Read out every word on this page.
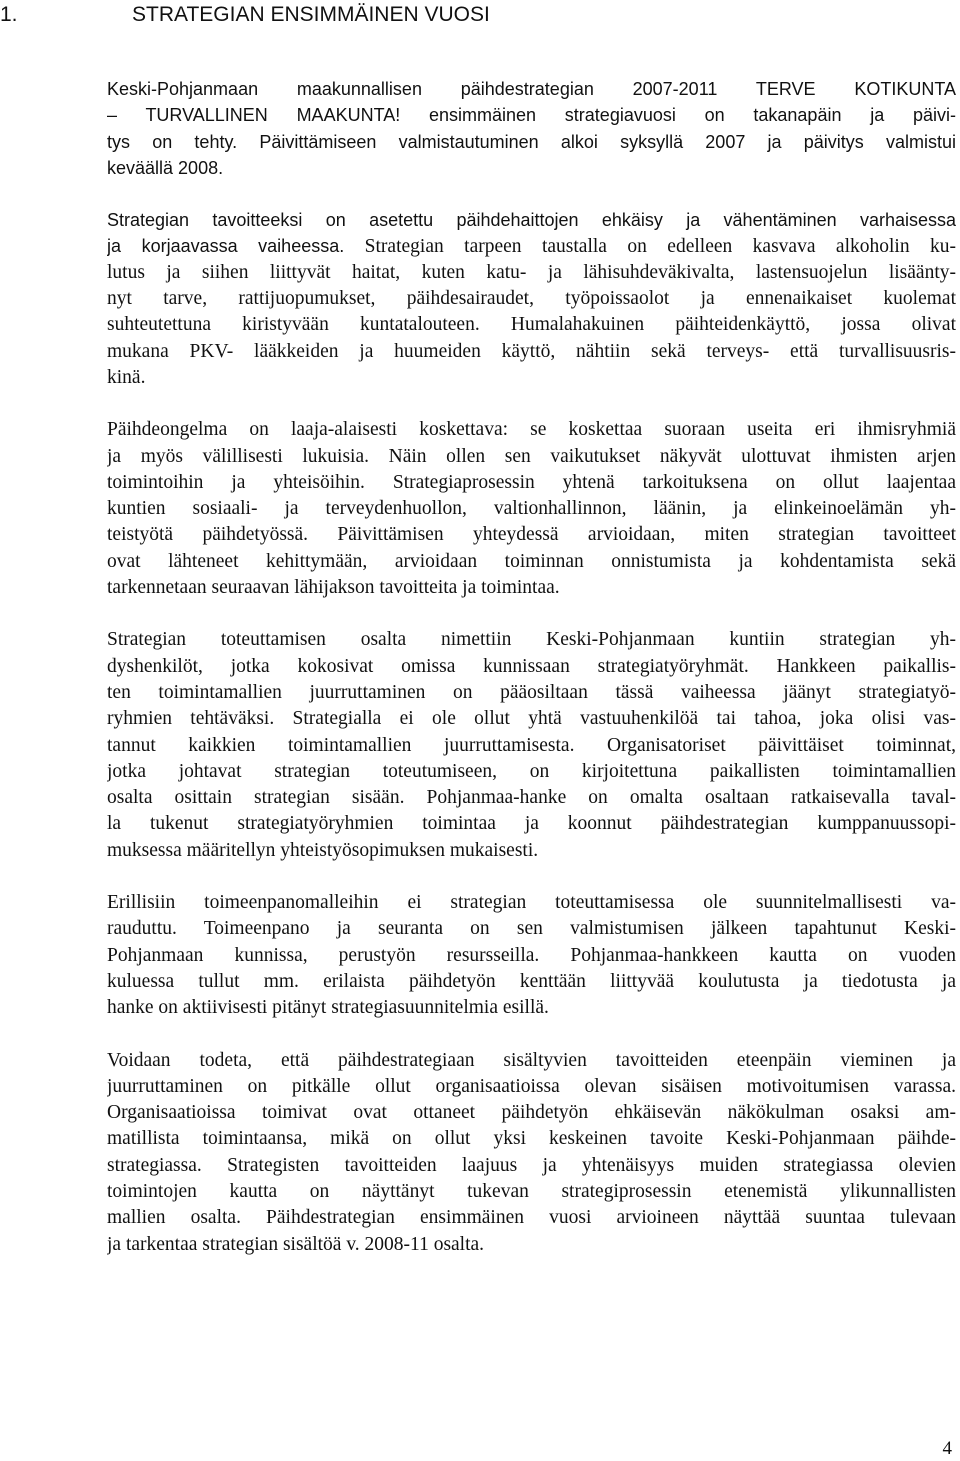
1.	STRATEGIAN ENSIMMÄINEN VUOSI
Keski-Pohjanmaan maakunnallisen päihdestrategian 2007-2011 TERVE KOTIKUNTA
– TURVALLINEN MAAKUNTA! ensimmäinen strategiavuosi on takanapäin ja päivi-
tys on tehty. Päivittämiseen valmistautuminen alkoi syksyllä 2007 ja päivitys valmistui
keväällä 2008.
Strategian tavoitteeksi on asetettu päihdehaittojen ehkäisy ja vähentäminen varhaisessa
ja korjaavassa vaiheessa. Strategian tarpeen taustalla on edelleen kasvava alkoholin ku-
lutus ja siihen liittyvät haitat, kuten katu- ja lähisuhdeväkivalta, lastensuojelun lisäänty-
nyt tarve, rattijuopumukset, päihdesairaudet, työpoissaolot ja ennenaikaiset kuolemat
suhteutettuna kiristyvään kuntatalouteen. Humalahakuinen päihteidenkäyttö, jossa olivat
mukana PKV- lääkkeiden ja huumeiden käyttö, nähtiin sekä terveys- että turvallisuusris-
kinä.
Päihdeongelma on laaja-alaisesti koskettava: se koskettaa suoraan useita eri ihmisryhmiä
ja myös välillisesti lukuisia. Näin ollen sen vaikutukset näkyvät ulottuvat ihmisten arjen
toimintoihin ja yhteisöihin. Strategiaprosessin yhtenä tarkoituksena on ollut laajentaa
kuntien sosiaali- ja terveydenhuollon, valtionhallinnon, läänin, ja elinkeinoelämän yh-
teistyötä päihdetyössä. Päivittämisen yhteydessä arvioidaan, miten strategian tavoitteet
ovat lähteneet kehittymään, arvioidaan toiminnan onnistumista ja kohdentamista sekä
tarkennetaan seuraavan lähijakson tavoitteita ja toimintaa.
Strategian toteuttamisen osalta nimettiin Keski-Pohjanmaan kuntiin strategian yh-
dyshenkilöt, jotka kokosivat omissa kunnissaan strategiatyöryhmät. Hankkeen paikallis-
ten toimintamallien juurruttaminen on pääosiltaan tässä vaiheessa jäänyt strategiatyö-
ryhmien tehtäväksi. Strategialla ei ole ollut yhtä vastuuhenkilöä tai tahoa, joka olisi vas-
tannut kaikkien toimintamallien juurruttamisesta. Organisatoriset päivittäiset toiminnat,
jotka johtavat strategian toteutumiseen, on kirjoitettuna paikallisten toimintamallien
osalta osittain strategian sisään. Pohjanmaa-hanke on omalta osaltaan ratkaisevalla taval-
la tukenut strategiatyöryhmien toimintaa ja koonnut päihdestrategian kumppanuussopi-
muksessa määritellyn yhteistyösopimuksen mukaisesti.
Erillisiin toimeenpanomalleihin ei strategian toteuttamisessa ole suunnitelmallisesti va-
rauduttu. Toimeenpano ja seuranta on sen valmistumisen jälkeen tapahtunut Keski-
Pohjanmaan kunnissa, perustyön resursseilla. Pohjanmaa-hankkeen kautta on vuoden
kuluessa tullut mm. erilaista päihdetyön kenttään liittyvää koulutusta ja tiedotusta ja
hanke on aktiivisesti pitänyt strategiasuunnitelmia esillä.
Voidaan todeta, että päihdestrategiaan sisältyvien tavoitteiden eteenpäin vieminen ja
juurruttaminen on pitkälle ollut organisaatioissa olevan sisäisen motivoitumisen varassa.
Organisaatioissa toimivat ovat ottaneet päihdetyön ehkäisevän näkökulman osaksi am-
matillista toimintaansa, mikä on ollut yksi keskeinen tavoite Keski-Pohjanmaan päihde-
strategiassa. Strategisten tavoitteiden laajuus ja yhtenäisyys muiden strategiassa olevien
toimintojen kautta on näyttänyt tukevan strategiprosessin etenemistä ylikunnallisten
mallien osalta. Päihdestrategian ensimmäinen vuosi arvioineen näyttää suuntaa tulevaan
ja tarkentaa strategian sisältöä v. 2008-11 osalta.
4
